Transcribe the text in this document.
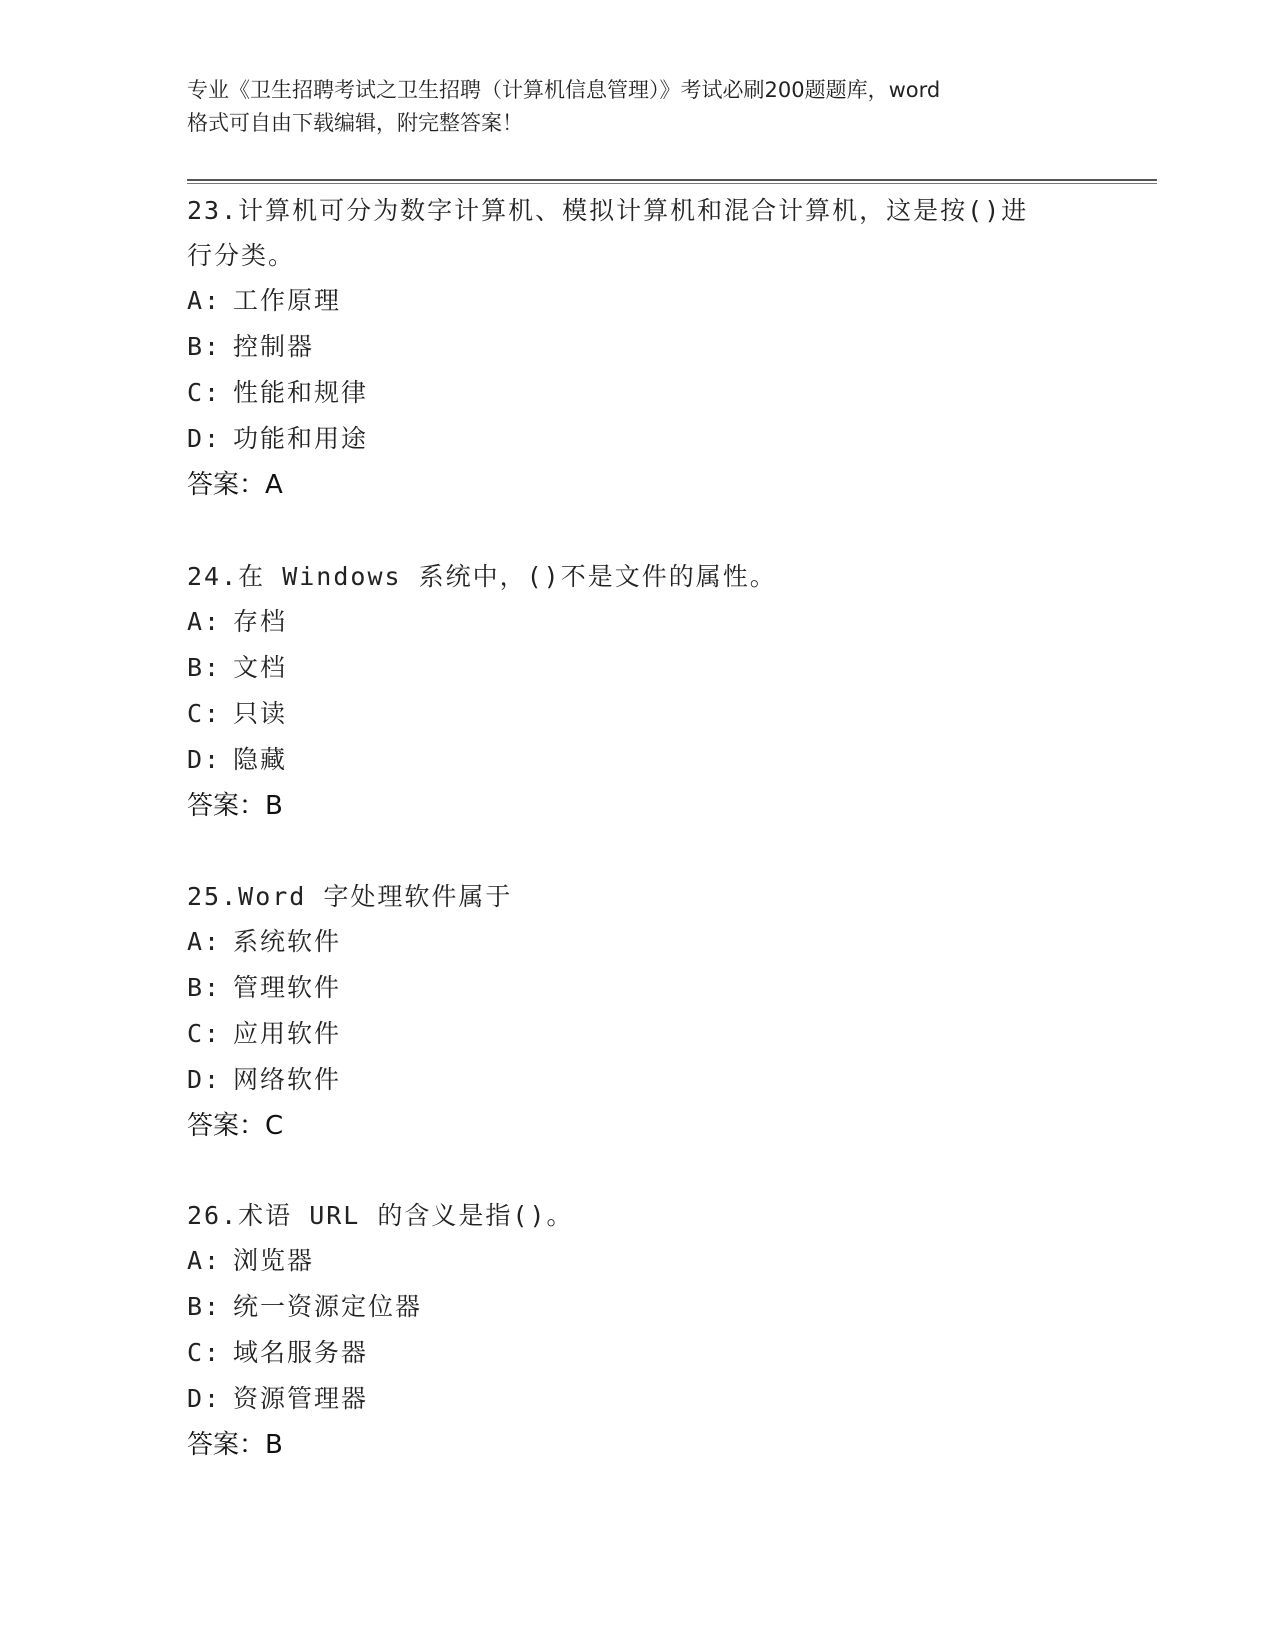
专业《卫生招聘考试之卫生招聘（计算机信息管理）》考试必刷200题题库，word
格式可自由下载编辑，附完整答案！

23.计算机可分为数字计算机、模拟计算机和混合计算机，这是按()进

行分类。

A: 工作原理

B: 控制器

C: 性能和规律

D: 功能和用途

答案：A

24.在 Windows 系统中，()不是文件的属性。

A: 存档

B: 文档

C: 只读

D: 隐藏

答案：B

25.Word 字处理软件属于

A: 系统软件

B: 管理软件

C: 应用软件

D: 网络软件

答案：C

26.术语 URL 的含义是指()。

A: 浏览器

B: 统一资源定位器

C: 域名服务器

D: 资源管理器

答案：B
